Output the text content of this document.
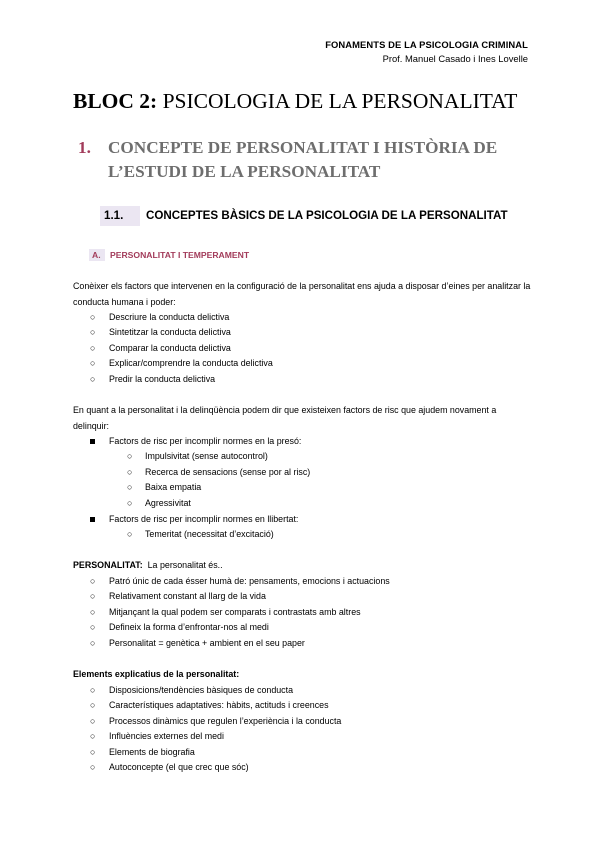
FONAMENTS DE LA PSICOLOGIA CRIMINAL
Prof. Manuel Casado i Ines Lovelle
BLOC 2: PSICOLOGIA DE LA PERSONALITAT
1. CONCEPTE DE PERSONALITAT I HISTÒRIA DE L’ESTUDI DE LA PERSONALITAT
1.1. CONCEPTES BÀSICS DE LA PSICOLOGIA DE LA PERSONALITAT
A. PERSONALITAT I TEMPERAMENT

Conèixer els factors que intervenen en la configuració de la personalitat ens ajuda a disposar d’eines per analitzar la conducta humana i poder:

○ Descriure la conducta delictiva
○ Sintetitzar la conducta delictiva
○ Comparar la conducta delictiva
○ Explicar/comprendre la conducta delictiva
○ Predir la conducta delictiva

En quant a la personalitat i la delinqüència podem dir que existeixen factors de risc que ajudem novament a delinquir:

Factors de risc per incomplir normes en la presó:
○ Impulsivitat (sense autocontrol)
○ Recerca de sensacions (sense por al risc)
○ Baixa empatia
○ Agressivitat
Factors de risc per incomplir normes en llibertat:
○ Temeritat (necessitat d’excitació)
PERSONALITAT: La personalitat és..
○ Patró únic de cada ésser humà de: pensaments, emocions i actuacions
○ Relativament constant al llarg de la vida
○ Mitjançant la qual podem ser comparats i contrastats amb altres
○ Defineix la forma d’enfrontar-nos al medi
○ Personalitat = genètica + ambient en el seu paper
Elements explicatius de la personalitat:
○ Disposicions/tendències bàsiques de conducta
○ Característiques adaptatives: hàbits, actituds i creences
○ Processos dinàmics que regulen l’experiència i la conducta
○ Influències externes del medi
○ Elements de biografia
○ Autoconcepte (el que crec que sóc)
